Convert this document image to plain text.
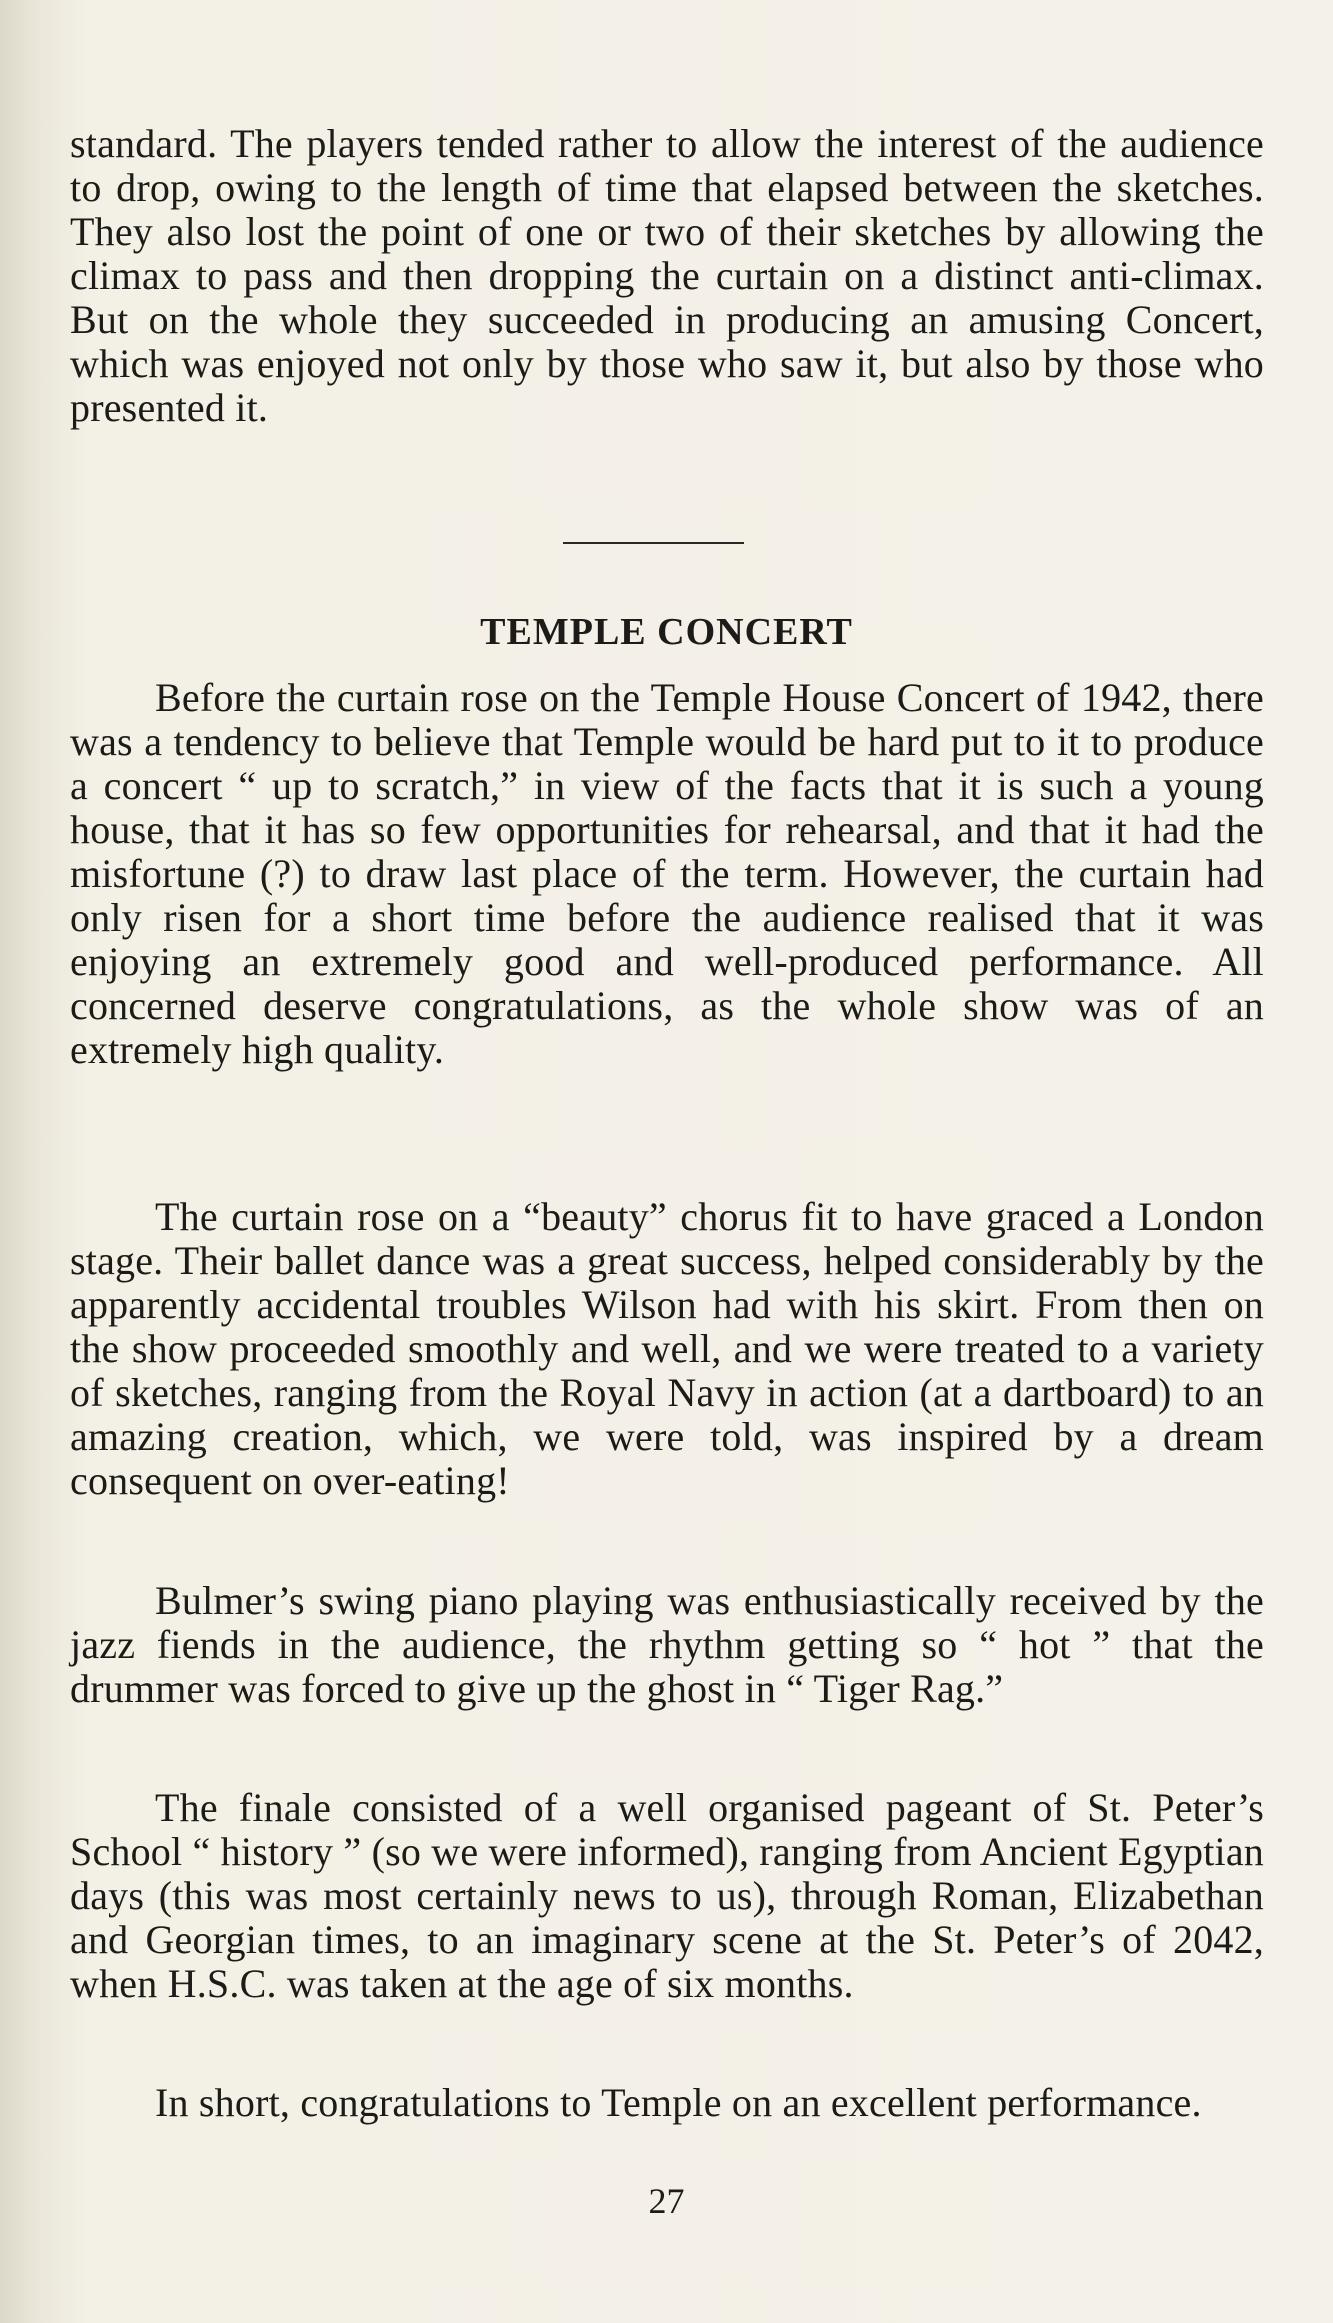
standard. The players tended rather to allow the interest of the audience to drop, owing to the length of time that elapsed between the sketches. They also lost the point of one or two of their sketches by allowing the climax to pass and then dropping the curtain on a distinct anti-climax. But on the whole they succeeded in producing an amusing Concert, which was enjoyed not only by those who saw it, but also by those who presented it.

TEMPLE CONCERT

Before the curtain rose on the Temple House Concert of 1942, there was a tendency to believe that Temple would be hard put to it to produce a concert “ up to scratch,” in view of the facts that it is such a young house, that it has so few opportunities for rehearsal, and that it had the misfortune (?) to draw last place of the term. However, the curtain had only risen for a short time before the audience realised that it was enjoying an extremely good and well-produced performance. All concerned deserve congratulations, as the whole show was of an extremely high quality.

The curtain rose on a “beauty” chorus fit to have graced a London stage. Their ballet dance was a great success, helped considerably by the apparently accidental troubles Wilson had with his skirt. From then on the show proceeded smoothly and well, and we were treated to a variety of sketches, ranging from the Royal Navy in action (at a dartboard) to an amazing creation, which, we were told, was inspired by a dream consequent on over-eating!

Bulmer’s swing piano playing was enthusiastically received by the jazz fiends in the audience, the rhythm getting so “ hot ” that the drummer was forced to give up the ghost in “ Tiger Rag.”

The finale consisted of a well organised pageant of St. Peter’s School “ history ” (so we were informed), ranging from Ancient Egyptian days (this was most certainly news to us), through Roman, Elizabethan and Georgian times, to an imaginary scene at the St. Peter’s of 2042, when H.S.C. was taken at the age of six months.

In short, congratulations to Temple on an excellent performance.

27
